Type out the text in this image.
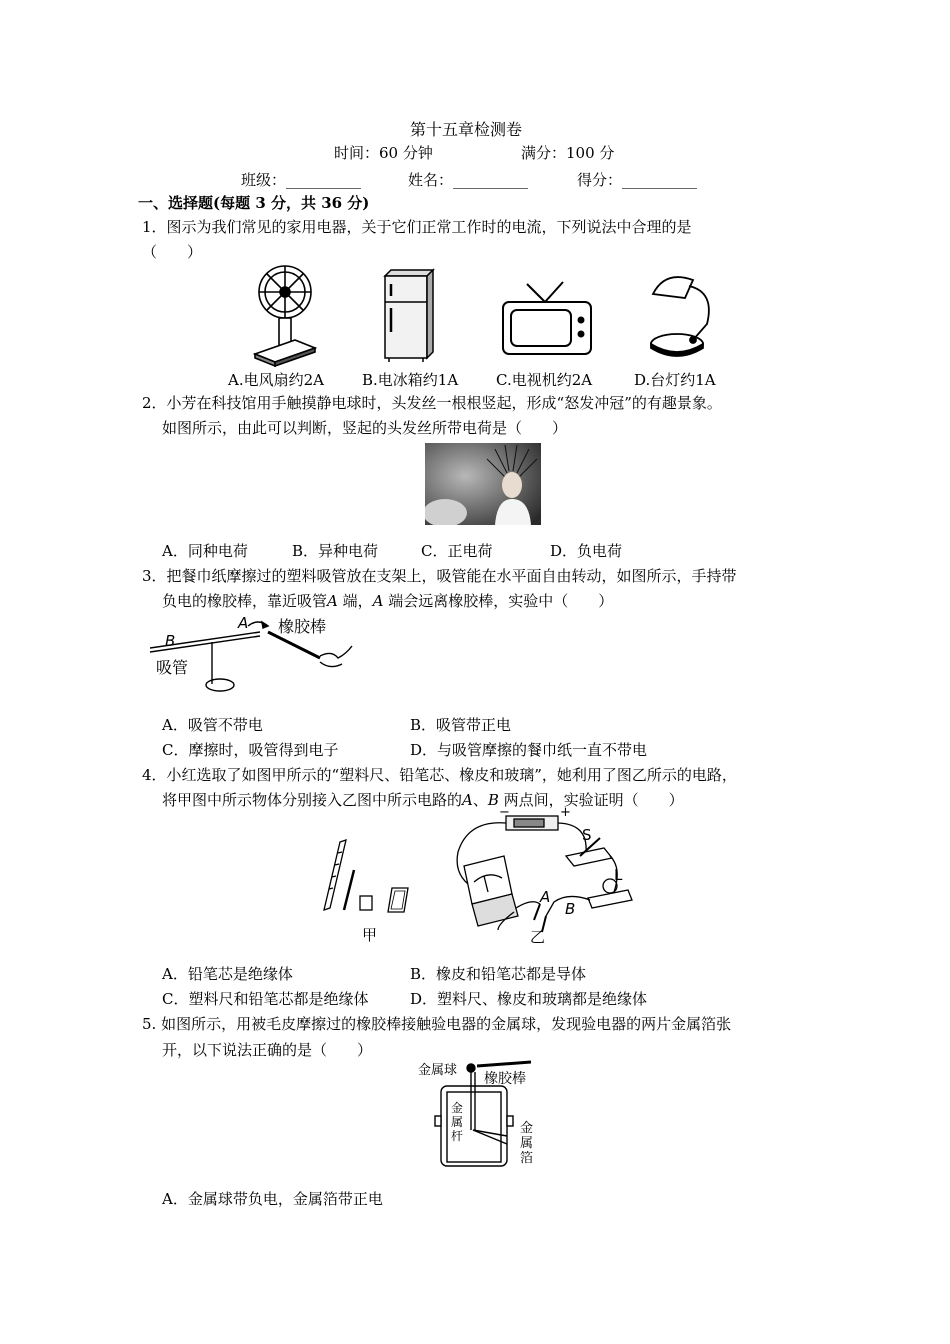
第十五章检测卷
时间：60 分钟	满分：100 分
班级：__________	姓名：__________	得分：__________
一、选择题(每题 3 分，共 36 分)
1．图示为我们常见的家用电器，关于它们正常工作时的电流，下列说法中合理的是
（　　）
A.电风扇约2A	B.电冰箱约1A	C.电视机约2A	D.台灯约1A
2．小芳在科技馆用手触摸静电球时，头发丝一根根竖起，形成“怒发冲冠”的有趣景象。
如图所示，由此可以判断，竖起的头发丝所带电荷是（　　）
A．同种电荷	B．异种电荷	C．正电荷	D．负电荷
3．把餐巾纸摩擦过的塑料吸管放在支架上，吸管能在水平面自由转动，如图所示，手持带
负电的橡胶棒，靠近吸管A 端，A 端会远离橡胶棒，实验中（　　）
B
A 橡胶棒
吸管
A．吸管不带电	B．吸管带正电
C．摩擦时，吸管得到电子	D．与吸管摩擦的餐巾纸一直不带电
4．小红选取了如图甲所示的“塑料尺、铅笔芯、橡皮和玻璃”，她利用了图乙所示的电路，
将甲图中所示物体分别接入乙图中所示电路的A、B 两点间，实验证明（　　）
−	+
S
L
A
B
甲	乙
A．铅笔芯是绝缘体	B．橡皮和铅笔芯都是导体
C．塑料尺和铅笔芯都是绝缘体	D．塑料尺、橡皮和玻璃都是绝缘体
5. 如图所示，用被毛皮摩擦过的橡胶棒接触验电器的金属球，发现验电器的两片金属箔张
开，以下说法正确的是（　　）
金属球
橡胶棒
金
属
杆	金
属
箔
A．金属球带负电，金属箔带正电
